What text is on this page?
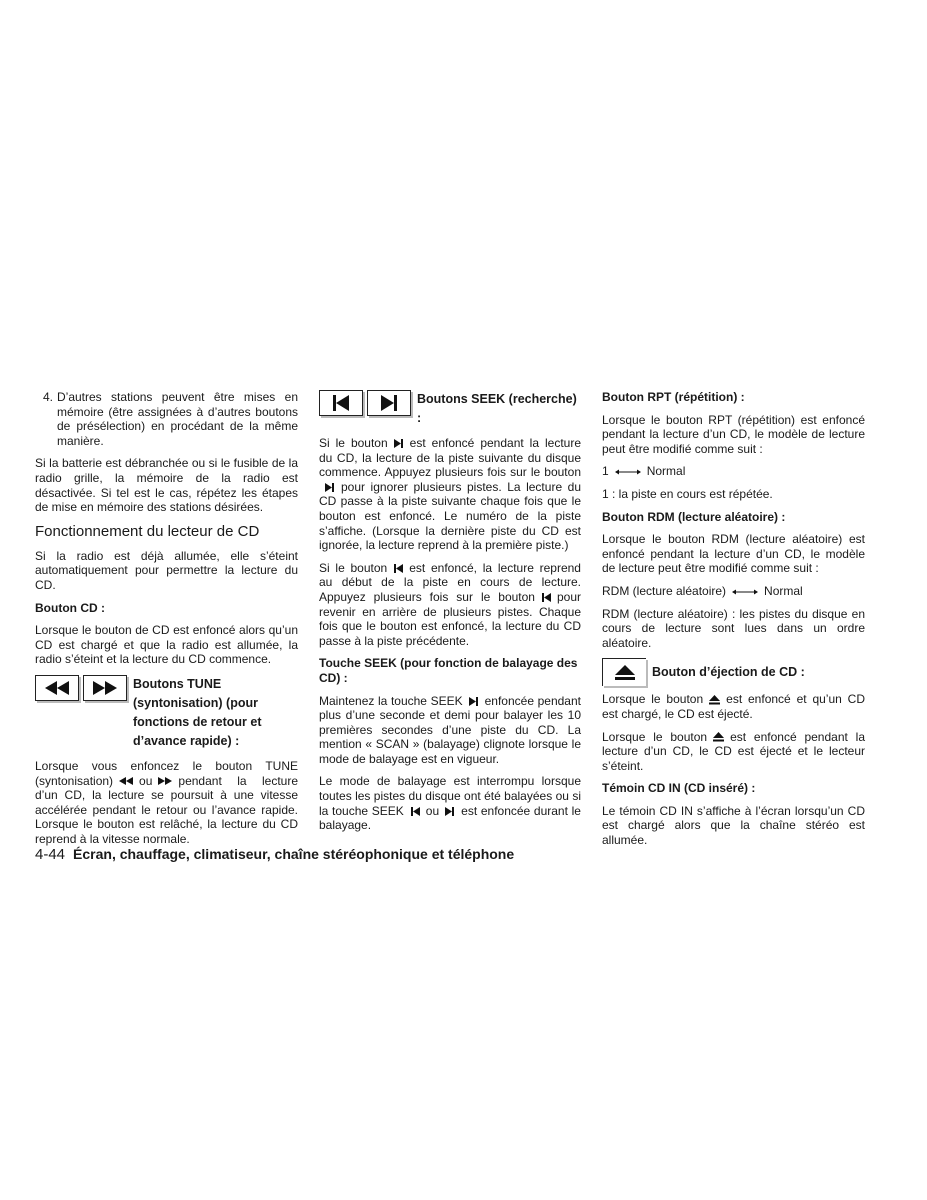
4. D’autres stations peuvent être mises en mémoire (être assignées à d’autres boutons de présélection) en procédant de la même manière.

Si la batterie est débranchée ou si le fusible de la radio grille, la mémoire de la radio est désactivée. Si tel est le cas, répétez les étapes de mise en mémoire des stations désirées.

Fonctionnement du lecteur de CD

Si la radio est déjà allumée, elle s’éteint automatiquement pour permettre la lecture du CD.

Bouton CD :

Lorsque le bouton de CD est enfoncé alors qu’un CD est chargé et que la radio est allumée, la radio s’éteint et la lecture du CD commence.

Boutons TUNE (syntonisation) (pour fonctions de retour et d’avance rapide) :

Lorsque vous enfoncez le bouton TUNE (syntonisation) ou pendant la lecture d’un CD, la lecture se poursuit à une vitesse accélérée pendant le retour ou l’avance rapide. Lorsque le bouton est relâché, la lecture du CD reprend à la vitesse normale.

Boutons SEEK (recherche) :

Si le bouton est enfoncé pendant la lecture du CD, la lecture de la piste suivante du disque commence. Appuyez plusieurs fois sur le boutonpour ignorer plusieurs pistes. La lecture du CD passe à la piste suivante chaque fois que le bouton est enfoncé. Le numéro de la piste s’affiche. (Lorsque la dernière piste du CD est ignorée, la lecture reprend à la première piste.)

Si le bouton est enfoncé, la lecture reprend au début de la piste en cours de lecture. Appuyez plusieurs fois sur le bouton pour revenir en arrière de plusieurs pistes. Chaque fois que le bouton est enfoncé, la lecture du CD passe à la piste précédente.

Touche SEEK (pour fonction de balayage des CD) :

Maintenez la touche SEEK enfoncée pendant plus d’une seconde et demi pour balayer les 10 premières secondes d’une piste du CD. La mention « SCAN » (balayage) clignote lorsque le mode de balayage est en vigueur.

Le mode de balayage est interrompu lorsque toutes les pistes du disque ont été balayées ou si la touche SEEK ou est enfoncée durant le balayage.

Bouton RPT (répétition) :

Lorsque le bouton RPT (répétition) est enfoncé pendant la lecture d’un CD, le modèle de lecture peut être modifié comme suit :

1	Normal

1 : la piste en cours est répétée.

Bouton RDM (lecture aléatoire) :

Lorsque le bouton RDM (lecture aléatoire) est enfoncé pendant la lecture d’un CD, le modèle de lecture peut être modifié comme suit :

RDM (lecture aléatoire)	Normal

RDM (lecture aléatoire) : les pistes du disque en cours de lecture sont lues dans un ordre aléatoire.

Bouton d’éjection de CD :

Lorsque le bouton est enfoncé et qu’un CD est chargé, le CD est éjecté.

Lorsque le bouton est enfoncé pendant la lecture d’un CD, le CD est éjecté et le lecteur s’éteint.

Témoin CD IN (CD inséré) :

Le témoin CD IN s’affiche à l’écran lorsqu’un CD est chargé alors que la chaîne stéréo est allumée.

4-44 Écran, chauffage, climatiseur, chaîne stéréophonique et téléphone
